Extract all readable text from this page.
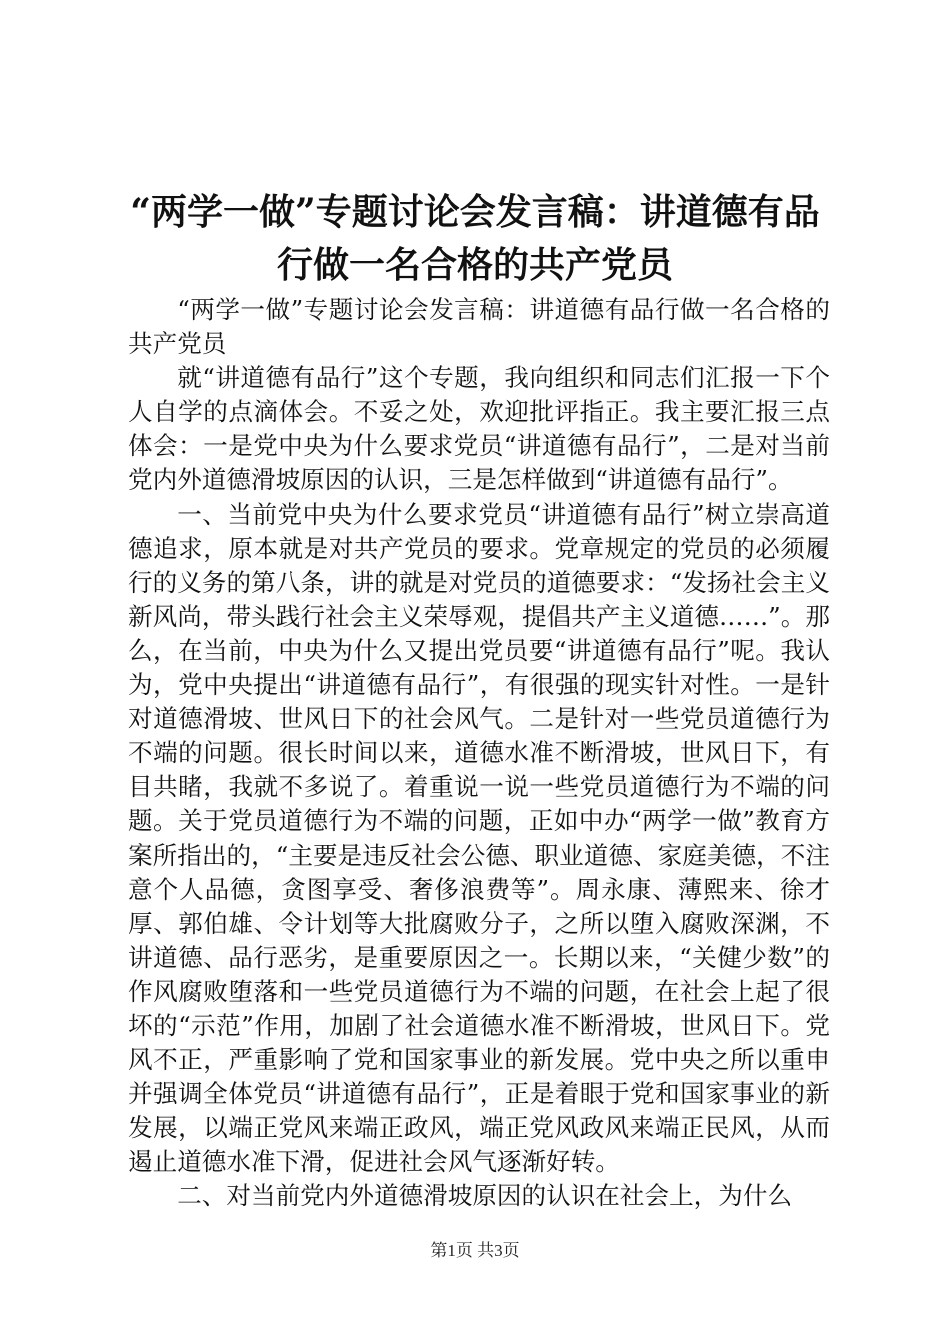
“两学一做”专题讨论会发言稿：讲道德有品行做一名合格的共产党员

“两学一做”专题讨论会发言稿：讲道德有品行做一名合格的共产党员

就“讲道德有品行”这个专题，我向组织和同志们汇报一下个人自学的点滴体会。不妥之处，欢迎批评指正。我主要汇报三点体会：一是党中央为什么要求党员“讲道德有品行”，二是对当前党内外道德滑坡原因的认识，三是怎样做到“讲道德有品行”。

一、当前党中央为什么要求党员“讲道德有品行”树立崇高道德追求，原本就是对共产党员的要求。党章规定的党员的必须履行的义务的第八条，讲的就是对党员的道德要求：“发扬社会主义新风尚，带头践行社会主义荣辱观，提倡共产主义道德……”。那么，在当前，中央为什么又提出党员要“讲道德有品行”呢。我认为，党中央提出“讲道德有品行”，有很强的现实针对性。一是针对道德滑坡、世风日下的社会风气。二是针对一些党员道德行为不端的问题。很长时间以来，道德水准不断滑坡，世风日下，有目共睹，我就不多说了。着重说一说一些党员道德行为不端的问题。关于党员道德行为不端的问题，正如中办“两学一做”教育方案所指出的，“主要是违反社会公德、职业道德、家庭美德，不注意个人品德，贪图享受、奢侈浪费等”。周永康、薄熙来、徐才厚、郭伯雄、令计划等大批腐败分子，之所以堕入腐败深渊，不讲道德、品行恶劣，是重要原因之一。长期以来，“关健少数”的作风腐败堕落和一些党员道德行为不端的问题，在社会上起了很坏的“示范”作用，加剧了社会道德水准不断滑坡，世风日下。党风不正，严重影响了党和国家事业的新发展。党中央之所以重申并强调全体党员“讲道德有品行”，正是着眼于党和国家事业的新发展，以端正党风来端正政风，端正党风政风来端正民风，从而遏止道德水准下滑，促进社会风气逐渐好转。

二、对当前党内外道德滑坡原因的认识在社会上，为什么

第1页 共3页
